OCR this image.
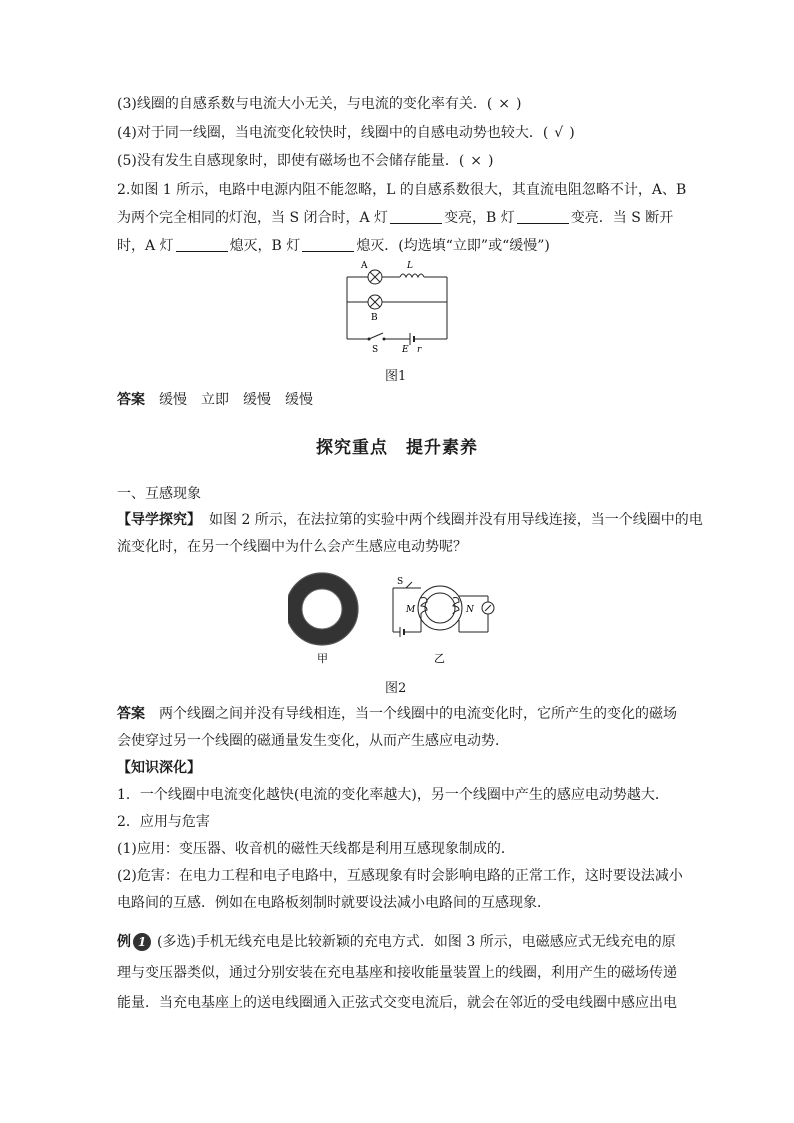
(3)线圈的自感系数与电流大小无关，与电流的变化率有关．( × )
(4)对于同一线圈，当电流变化较快时，线圈中的自感电动势也较大．( √ )
(5)没有发生自感现象时，即使有磁场也不会储存能量．( × )
2.如图 1 所示，电路中电源内阻不能忽略，L 的自感系数很大，其直流电阻忽略不计，A、B
为两个完全相同的灯泡，当 S 闭合时，A 灯	变亮，B 灯	变亮．当 S 断开
时，A 灯	熄灭，B 灯	熄灭．(均选填“立即”或“缓慢”)
A	L
B
S	E r
图1
答案 缓慢 立即 缓慢 缓慢
探究重点　提升素养
一、互感现象
【导学探究】 如图 2 所示，在法拉第的实验中两个线圈并没有用导线连接，当一个线圈中的电
流变化时，在另一个线圈中为什么会产生感应电动势呢？
甲
S
M	N
乙
图2
答案 两个线圈之间并没有导线相连，当一个线圈中的电流变化时，它所产生的变化的磁场
会使穿过另一个线圈的磁通量发生变化，从而产生感应电动势．
【知识深化】
1．一个线圈中电流变化越快(电流的变化率越大)，另一个线圈中产生的感应电动势越大．
2．应用与危害
(1)应用：变压器、收音机的磁性天线都是利用互感现象制成的．
(2)危害：在电力工程和电子电路中，互感现象有时会影响电路的正常工作，这时要设法减小
电路间的互感．例如在电路板刻制时就要设法减小电路间的互感现象．
例 1 (多选)手机无线充电是比较新颖的充电方式．如图 3 所示，电磁感应式无线充电的原
理与变压器类似，通过分别安装在充电基座和接收能量装置上的线圈，利用产生的磁场传递
能量．当充电基座上的送电线圈通入正弦式交变电流后，就会在邻近的受电线圈中感应出电
